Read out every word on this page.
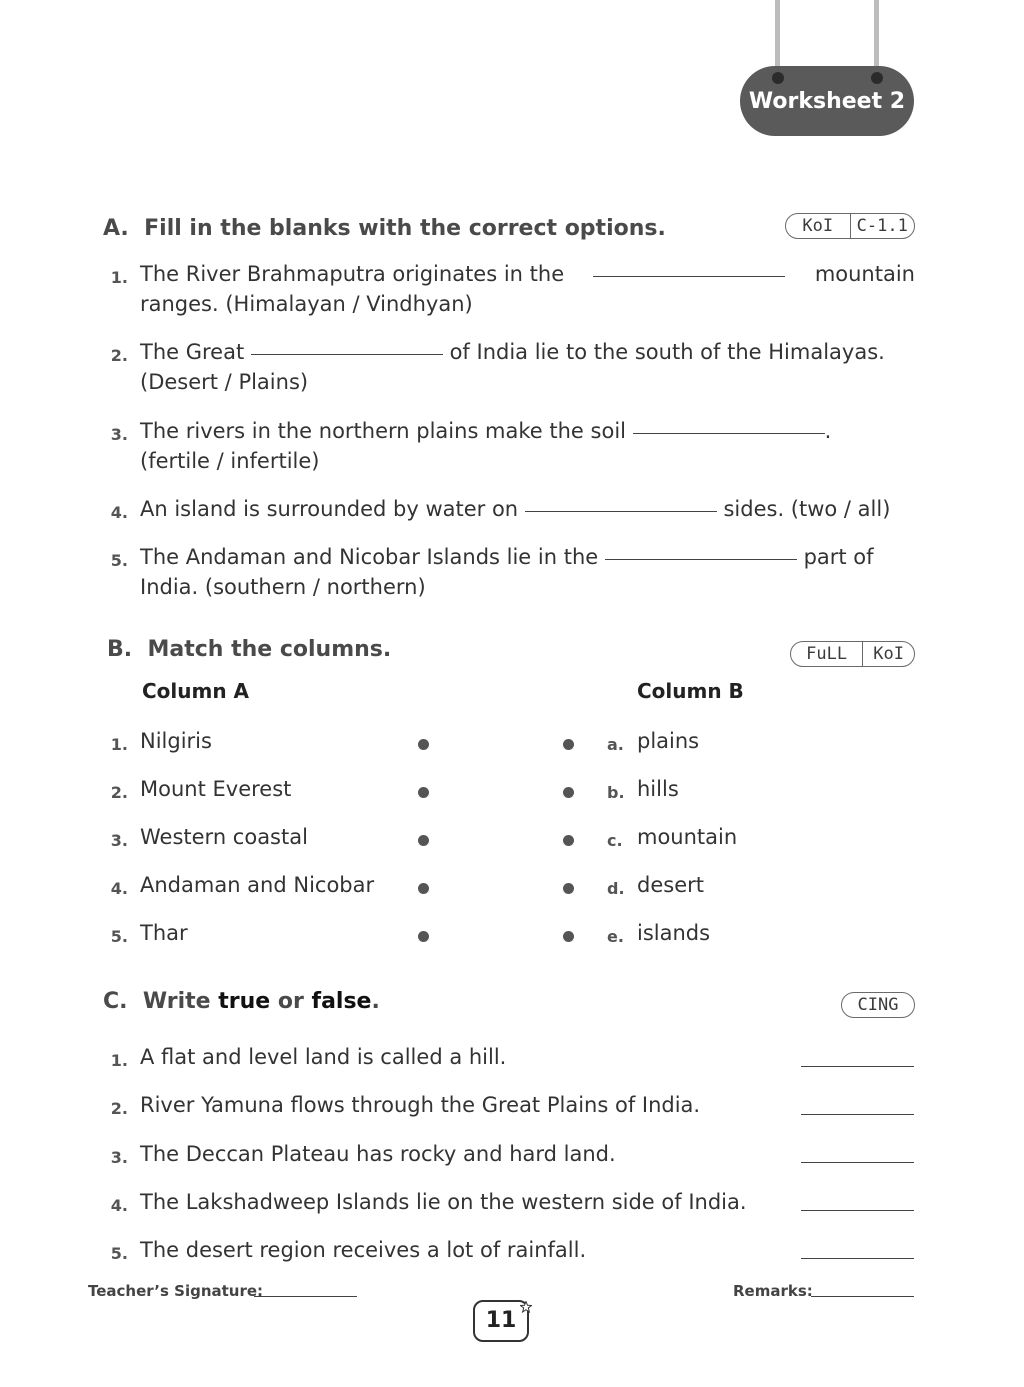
Worksheet 2
A. Fill in the blanks with the correct options.	KoI	C-1.1
1. The River Brahmaputra originates in the	mountain
ranges. (Himalayan / Vindhyan)
2. The Great	of India lie to the south of the Himalayas.
(Desert / Plains)
3. The rivers in the northern plains make the soil	.
(fertile / infertile)
4. An island is surrounded by water on	sides. (two / all)
5. The Andaman and Nicobar Islands lie in the	part of
India. (southern / northern)
B. Match the columns.	FuLL	KoI
Column A	Column B
1. Nilgiris	a. plains
2. Mount Everest	b. hills
3. Western coastal	c. mountain
4. Andaman and Nicobar	d. desert
5. Thar	e. islands
C. Write true or false.	CING
1. A flat and level land is called a hill.
2. River Yamuna flows through the Great Plains of India.
3. The Deccan Plateau has rocky and hard land.
4. The Lakshadweep Islands lie on the western side of India.
5. The desert region receives a lot of rainfall.
Teacher’s Signature:	Remarks:
11
